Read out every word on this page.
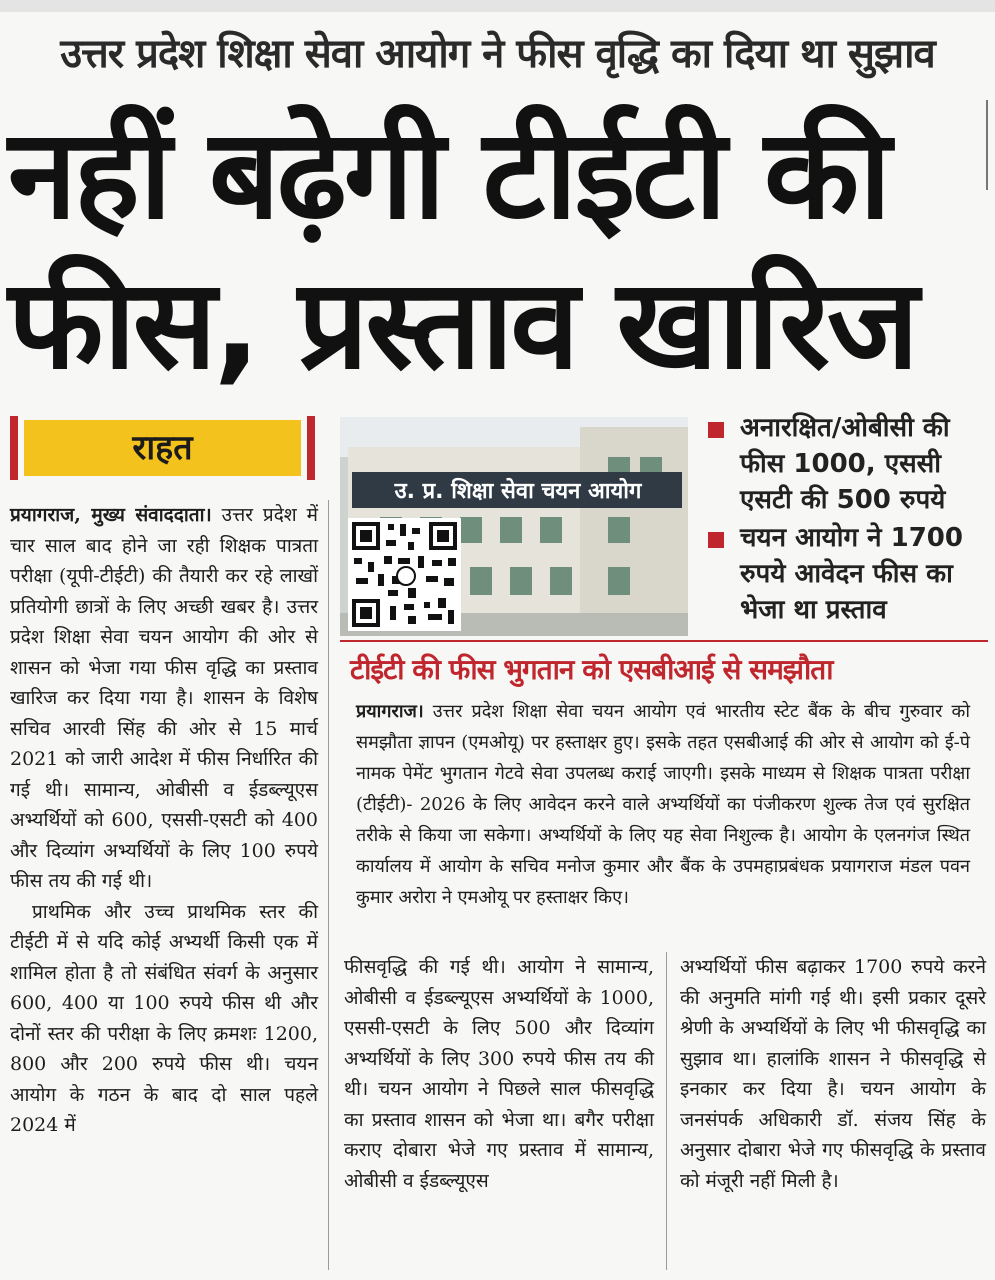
उत्तर प्रदेश शिक्षा सेवा आयोग ने फीस वृद्धि का दिया था सुझाव
नहीं बढ़ेगी टीईटी की
फीस, प्रस्ताव खारिज
राहत

प्रयागराज, मुख्य संवाददाता। उत्तर प्रदेश में चार साल बाद होने जा रही शिक्षक पात्रता परीक्षा (यूपी-टीईटी) की तैयारी कर रहे लाखों प्रतियोगी छात्रों के लिए अच्छी खबर है। उत्तर प्रदेश शिक्षा सेवा चयन आयोग की ओर से शासन को भेजा गया फीस वृद्धि का प्रस्ताव खारिज कर दिया गया है। शासन के विशेष सचिव आरवी सिंह की ओर से 15 मार्च 2021 को जारी आदेश में फीस निर्धारित की गई थी। सामान्य, ओबीसी व ईडब्ल्यूएस अभ्यर्थियों को 600, एससी-एसटी को 400 और दिव्यांग अभ्यर्थियों के लिए 100 रुपये फीस तय की गई थी।

प्राथमिक और उच्च प्राथमिक स्तर की टीईटी में से यदि कोई अभ्यर्थी किसी एक में शामिल होता है तो संबंधित संवर्ग के अनुसार 600, 400 या 100 रुपये फीस थी और दोनों स्तर की परीक्षा के लिए क्रमशः 1200, 800 और 200 रुपये फीस थी। चयन आयोग के गठन के बाद दो साल पहले 2024 में

उ. प्र. शिक्षा सेवा चयन आयोग
अनारक्षित/ओबीसी की फीस 1000, एससी एसटी की 500 रुपये
चयन आयोग ने 1700 रुपये आवेदन फीस का भेजा था प्रस्ताव
टीईटी की फीस भुगतान को एसबीआई से समझौता
प्रयागराज। उत्तर प्रदेश शिक्षा सेवा चयन आयोग एवं भारतीय स्टेट बैंक के बीच गुरुवार को समझौता ज्ञापन (एमओयू) पर हस्ताक्षर हुए। इसके तहत एसबीआई की ओर से आयोग को ई-पे नामक पेमेंट भुगतान गेटवे सेवा उपलब्ध कराई जाएगी। इसके माध्यम से शिक्षक पात्रता परीक्षा (टीईटी)- 2026 के लिए आवेदन करने वाले अभ्यर्थियों का पंजीकरण शुल्क तेज एवं सुरक्षित तरीके से किया जा सकेगा। अभ्यर्थियों के लिए यह सेवा निशुल्क है। आयोग के एलनगंज स्थित कार्यालय में आयोग के सचिव मनोज कुमार और बैंक के उपमहाप्रबंधक प्रयागराज मंडल पवन कुमार अरोरा ने एमओयू पर हस्ताक्षर किए।

फीसवृद्धि की गई थी। आयोग ने सामान्य, ओबीसी व ईडब्ल्यूएस अभ्यर्थियों के 1000, एससी-एसटी के लिए 500 और दिव्यांग अभ्यर्थियों के लिए 300 रुपये फीस तय की थी। चयन आयोग ने पिछले साल फीसवृद्धि का प्रस्ताव शासन को भेजा था। बगैर परीक्षा कराए दोबारा भेजे गए प्रस्ताव में सामान्य, ओबीसी व ईडब्ल्यूएस

अभ्यर्थियों फीस बढ़ाकर 1700 रुपये करने की अनुमति मांगी गई थी। इसी प्रकार दूसरे श्रेणी के अभ्यर्थियों के लिए भी फीसवृद्धि का सुझाव था। हालांकि शासन ने फीसवृद्धि से इनकार कर दिया है। चयन आयोग के जनसंपर्क अधिकारी डॉ. संजय सिंह के अनुसार दोबारा भेजे गए फीसवृद्धि के प्रस्ताव को मंजूरी नहीं मिली है।
